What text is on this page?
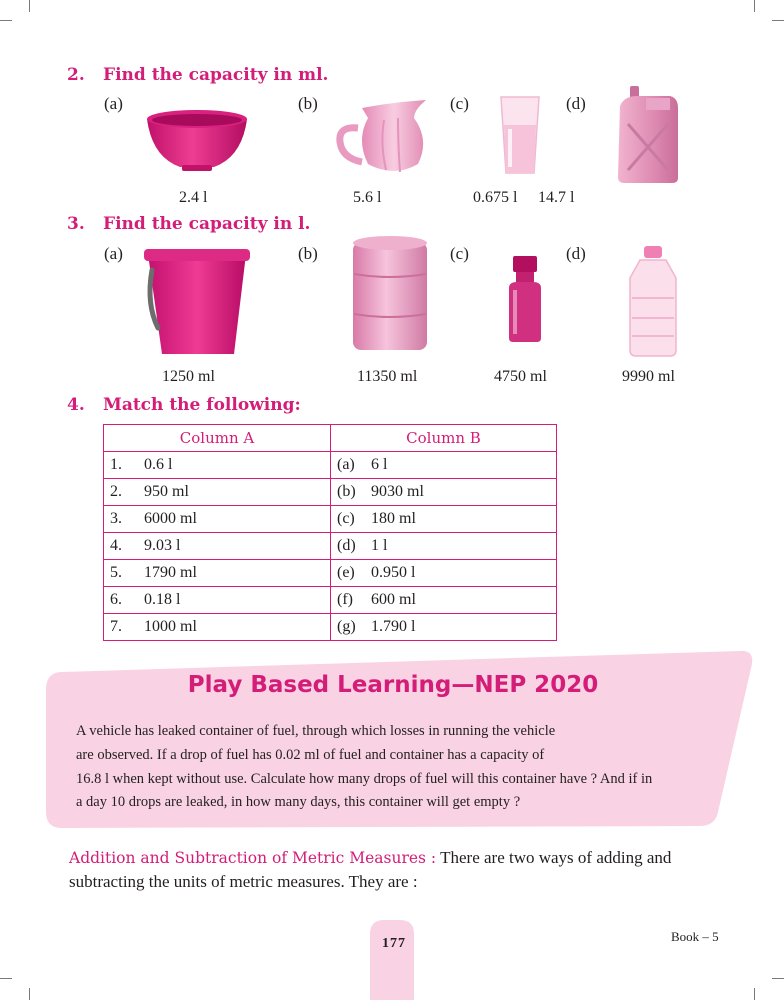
2. Find the capacity in ml.
(a)	(b)	(c)	(d)
2.4 l	5.6 l	0.675 l 14.7 l
3. Find the capacity in l.
(a)	(b)	(c)	(d)
1250 ml	11350 ml	4750 ml	9990 ml
4. Match the following:
Column A	Column B
1. 0.6 l	(a) 6 l
2. 950 ml	(b) 9030 ml
3. 6000 ml	(c) 180 ml
4. 9.03 l	(d) 1 l
5. 1790 ml	(e) 0.950 l
6. 0.18 l	(f) 600 ml
7. 1000 ml	(g) 1.790 l
Play Based Learning—NEP 2020
A vehicle has leaked container of fuel, through which losses in running the vehicle
are observed. If a drop of fuel has 0.02 ml of fuel and container has a capacity of
16.8 l when kept without use. Calculate how many drops of fuel will this container have ? And if in
a day 10 drops are leaked, in how many days, this container will get empty ?
Addition and Subtraction of Metric Measures : There are two ways of adding and
subtracting the units of metric measures. They are :
177	Book – 5
